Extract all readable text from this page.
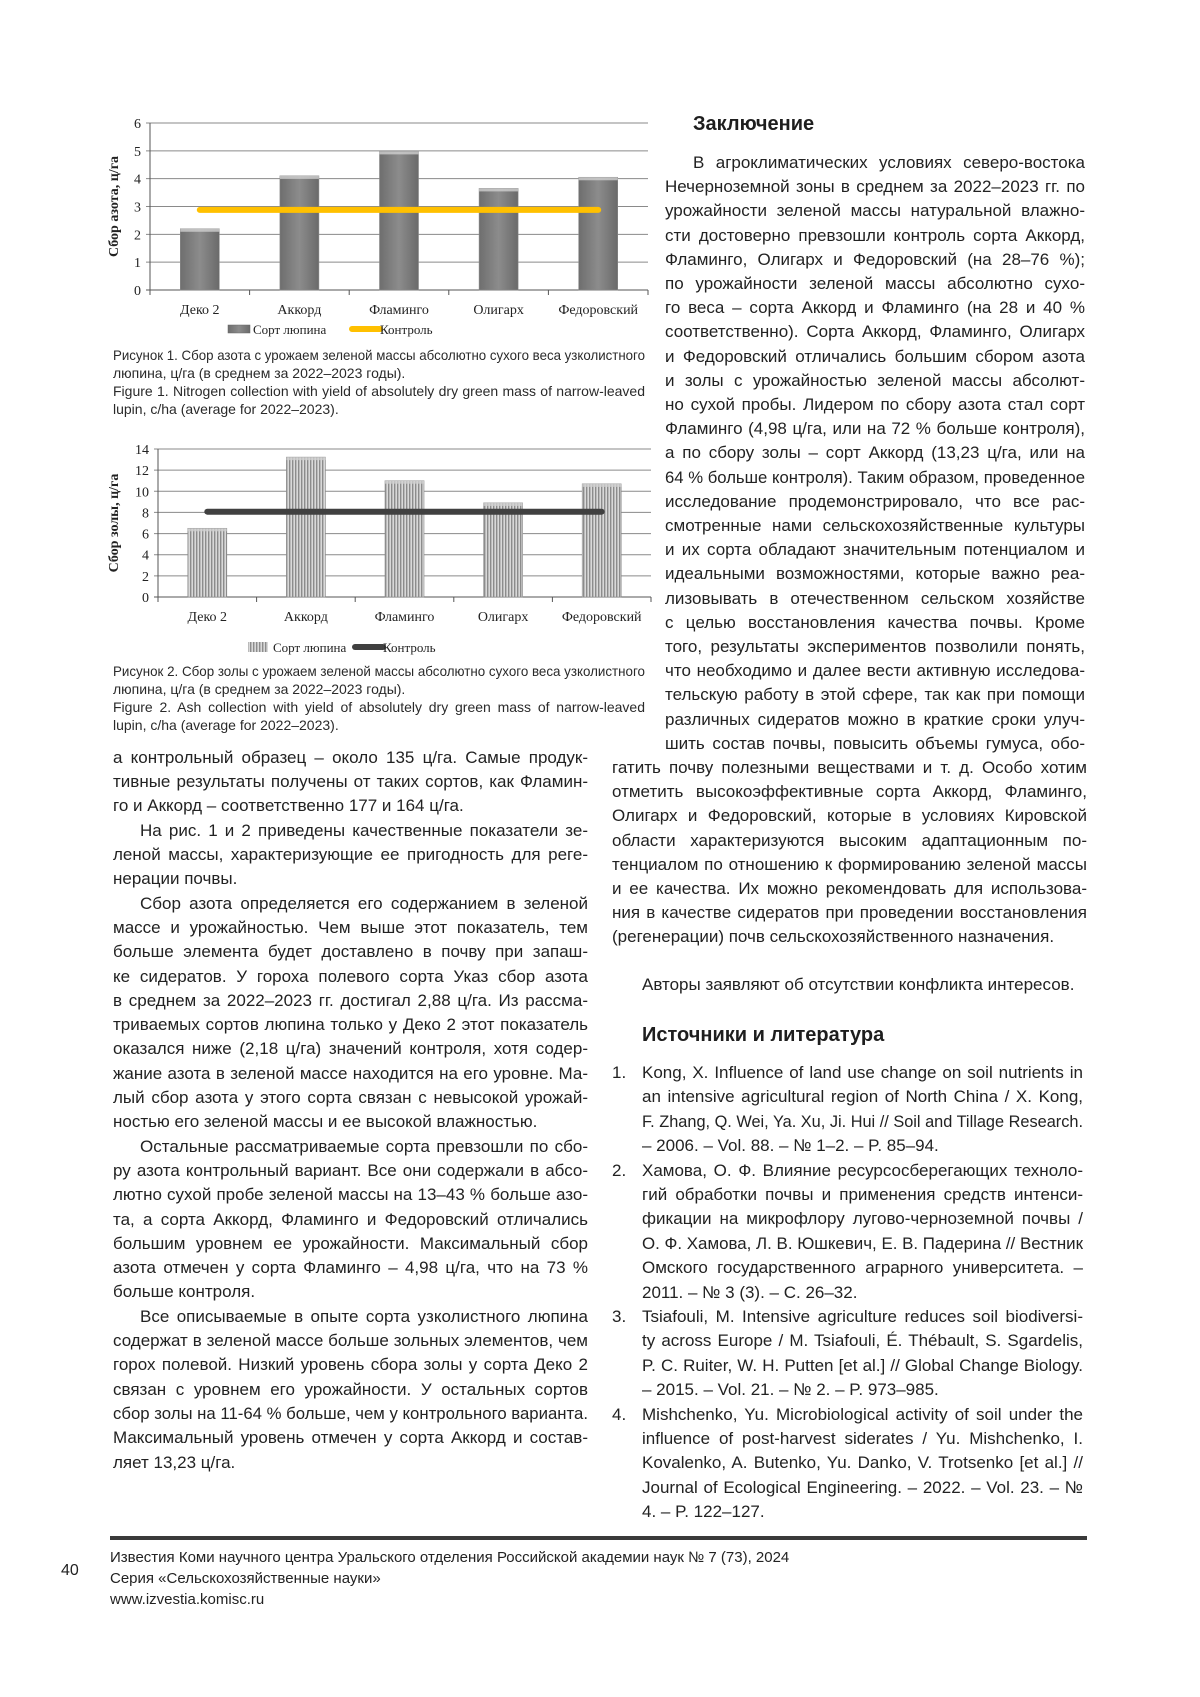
0
1
2
3
4
5
6
Сбор азота, ц/га
Деко 2	Аккорд	Фламинго	Олигарх Федоровский
Сорт люпина	Контроль
Рисунок 1. Сбор азота с урожаем зеленой массы абсолютно сухого веса узколистного
люпина, ц/га (в среднем за 2022–2023 годы).
Figure 1. Nitrogen collection with yield of absolutely dry green mass of narrow-leaved
lupin, c/ha (average for 2022–2023).
0
2
4
6
8
10
12
14
Сбор золы, ц/га
Деко 2	Аккорд	Фламинго	Олигарх Федоровский
Сорт люпина	Контроль
Рисунок 2. Сбор золы с урожаем зеленой массы абсолютно сухого веса узколистного
люпина, ц/га (в среднем за 2022–2023 годы).
Figure 2. Ash collection with yield of absolutely dry green mass of narrow-leaved
lupin, c/ha (average for 2022–2023).
а контрольный образец – около 135 ц/га. Самые продук-
тивные результаты получены от таких сортов, как Фламин-
го и Аккорд – соответственно 177 и 164 ц/га.
На рис. 1 и 2 приведены качественные показатели зе-
леной массы, характеризующие ее пригодность для реге-
нерации почвы.
Сбор азота определяется его содержанием в зеленой
массе и урожайностью. Чем выше этот показатель, тем
больше элемента будет доставлено в почву при запаш-
ке сидератов. У гороха полевого сорта Указ сбор азота
в среднем за 2022–2023 гг. достигал 2,88 ц/га. Из рассма-
триваемых сортов люпина только у Деко 2 этот показатель
оказался ниже (2,18 ц/га) значений контроля, хотя содер-
жание азота в зеленой массе находится на его уровне. Ма-
лый сбор азота у этого сорта связан с невысокой урожай-
ностью его зеленой массы и ее высокой влажностью.
Остальные рассматриваемые сорта превзошли по сбо-
ру азота контрольный вариант. Все они содержали в абсо-
лютно сухой пробе зеленой массы на 13–43 % больше азо-
та, а сорта Аккорд, Фламинго и Федоровский отличались
большим уровнем ее урожайности. Максимальный сбор
азота отмечен у сорта Фламинго – 4,98 ц/га, что на 73 %
больше контроля.
Все описываемые в опыте сорта узколистного люпина
содержат в зеленой массе больше зольных элементов, чем
горох полевой. Низкий уровень сбора золы у сорта Деко 2
связан с уровнем его урожайности. У остальных сортов
сбор золы на 11-64 % больше, чем у контрольного варианта.
Максимальный уровень отмечен у сорта Аккорд и состав-
ляет 13,23 ц/га.
Заключение
В агроклиматических условиях северо-востока
Нечерноземной зоны в среднем за 2022–2023 гг. по
урожайности зеленой массы натуральной влажно-
сти достоверно превзошли контроль сорта Аккорд,
Фламинго, Олигарх и Федоровский (на 28–76 %);
по урожайности зеленой массы абсолютно сухо-
го веса – сорта Аккорд и Фламинго (на 28 и 40 %
соответственно). Сорта Аккорд, Фламинго, Олигарх
и Федоровский отличались большим сбором азота
и золы с урожайностью зеленой массы абсолют-
но сухой пробы. Лидером по сбору азота стал сорт
Фламинго (4,98 ц/га, или на 72 % больше контроля),
а по сбору золы – сорт Аккорд (13,23 ц/га, или на
64 % больше контроля). Таким образом, проведенное
исследование продемонстрировало, что все рас-
смотренные нами сельскохозяйственные культуры
и их сорта обладают значительным потенциалом и
идеальными возможностями, которые важно реа-
лизовывать в отечественном сельском хозяйстве
с целью восстановления качества почвы. Кроме
того, результаты экспериментов позволили понять,
что необходимо и далее вести активную исследова-
тельскую работу в этой сфере, так как при помощи
различных сидератов можно в краткие сроки улуч-
шить состав почвы, повысить объемы гумуса, обо-
гатить почву полезными веществами и т. д. Особо хотим
отметить высокоэффективные сорта Аккорд, Фламинго,
Олигарх и Федоровский, которые в условиях Кировской
области характеризуются высоким адаптационным по-
тенциалом по отношению к формированию зеленой массы
и ее качества. Их можно рекомендовать для использова-
ния в качестве сидератов при проведении восстановления
(регенерации) почв сельскохозяйственного назначения.
Авторы заявляют об отсутствии конфликта интересов.
Источники и литература
1. Kong, X. Influence of land use change on soil nutrients in
an intensive agricultural region of North China / X. Kong,
F. Zhang, Q. Wei, Ya. Xu, Ji. Hui // Soil and Tillage Research.
– 2006. – Vol. 88. – № 1–2. – P. 85–94.
2. Хамова, О. Ф. Влияние ресурсосберегающих техноло-
гий обработки почвы и применения средств интенси-
фикации на микрофлору лугово-черноземной почвы /
О. Ф. Хамова, Л. В. Юшкевич, Е. В. Падерина // Вестник
Омского государственного аграрного университета. –
2011. – № 3 (3). – С. 26–32.
3. Tsiafouli, M. Intensive agriculture reduces soil biodiversi-
ty across Europe / M. Tsiafouli, É. Thébault, S. Sgardelis,
P. C. Ruiter, W. H. Putten [et al.] // Global Change Biology.
– 2015. – Vol. 21. – № 2. – P. 973–985.
4. Mishchenko, Yu. Microbiological activity of soil under the
influence of post-harvest siderates / Yu. Mishchenko, I.
Kovalenko, A. Butenko, Yu. Danko, V. Trotsenko [et al.] //
Journal of Ecological Engineering. – 2022. – Vol. 23. – №
4. – P. 122–127.
40
Известия Коми научного центра Уральского отделения Российской академии наук № 7 (73), 2024
Серия «Сельскохозяйственные науки»
www.izvestia.komisc.ru
